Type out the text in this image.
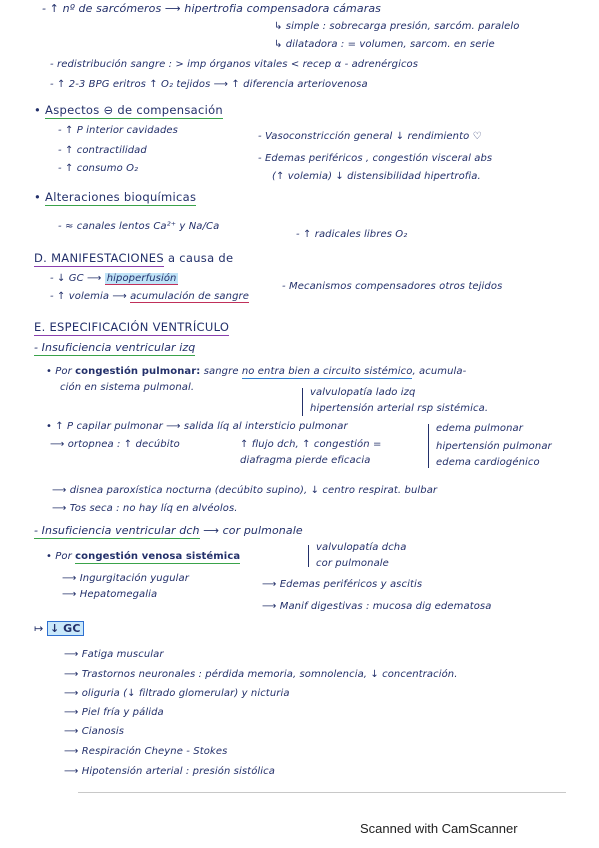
- ↑ nº de sarcómeros ⟶ hipertrofia compensadora cámaras
↳ simple : sobrecarga presión, sarcóm. paralelo
↳ dilatadora : = volumen, sarcom. en serie
- redistribución sangre : > imp órganos vitales < recep α - adrenérgicos
- ↑ 2-3 BPG eritros ↑ O₂ tejidos ⟶ ↑ diferencia arteriovenosa
• Aspectos ⊖ de compensación
- ↑ P interior cavidades
- Vasoconstricción general ↓ rendimiento ♡
- ↑ contractilidad
- Edemas periféricos , congestión visceral abs
- ↑ consumo O₂
(↑ volemia) ↓ distensibilidad hipertrofia.
• Alteraciones bioquímicas
- ≈ canales lentos Ca²⁺ y Na/Ca
- ↑ radicales libres O₂
D. MANIFESTACIONES a causa de
- ↓ GC ⟶ hipoperfusión
- Mecanismos compensadores otros tejidos
- ↑ volemia ⟶ acumulación de sangre
E. ESPECIFICACIÓN VENTRÍCULO
- Insuficiencia ventricular izq
• Por congestión pulmonar: sangre no entra bien a circuito sistémico, acumula-
ción en sistema pulmonal.	valvulopatía lado izq
hipertensión arterial rsp sistémica.
• ↑ P capilar pulmonar ⟶ salida líq al intersticio pulmonar	edema pulmonar
⟶ ortopnea : ↑ decúbito	↑ flujo dch, ↑ congestión =	hipertensión pulmonar
diafragma pierde eficacia	edema cardiogénico
⟶ disnea paroxística nocturna (decúbito supino), ↓ centro respirat. bulbar
⟶ Tos seca : no hay líq en alvéolos.
- Insuficiencia ventricular dch ⟶ cor pulmonale
valvulopatía dcha
• Por congestión venosa sistémica
cor pulmonale
⟶ Ingurgitación yugular
⟶ Edemas periféricos y ascitis
⟶ Hepatomegalia
⟶ Manif digestivas : mucosa dig edematosa
↦ ↓ GC
⟶ Fatiga muscular
⟶ Trastornos neuronales : pérdida memoria, somnolencia, ↓ concentración.
⟶ oliguria (↓ filtrado glomerular) y nicturia
⟶ Piel fría y pálida
⟶ Cianosis
⟶ Respiración Cheyne - Stokes
⟶ Hipotensión arterial : presión sistólica
Scanned with CamScanner
